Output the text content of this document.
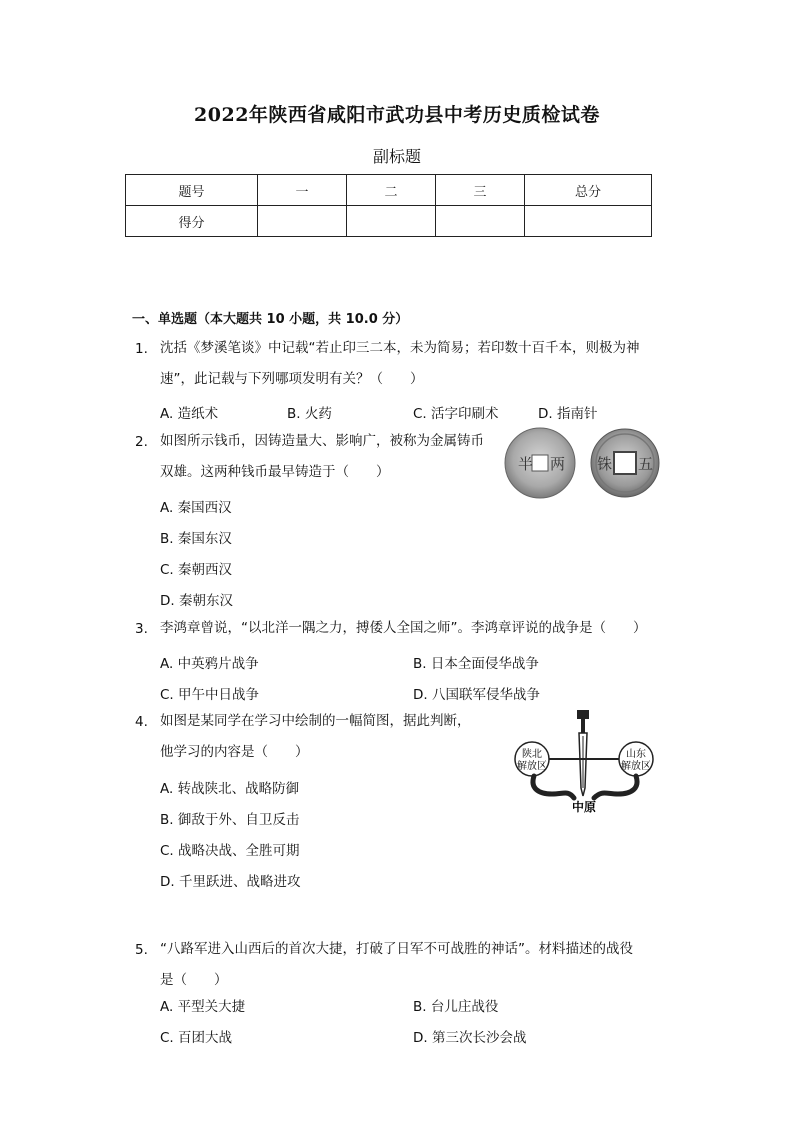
2022年陕西省咸阳市武功县中考历史质检试卷
副标题
题号	一	二	三	总分
得分				
一、单选题（本大题共 10 小题，共 10.0 分）
1. 沈括《梦溪笔谈》中记载“若止印三二本，未为简易；若印数十百千本，则极为神
速”，此记载与下列哪项发明有关？（　　）
A. 造纸术	B. 火药	C. 活字印刷术	D. 指南针
2. 如图所示钱币，因铸造量大、影响广，被称为金属铸币
双雄。这两种钱币最早铸造于（　　）
A. 秦国西汉
B. 秦国东汉
C. 秦朝西汉
D. 秦朝东汉
半 两 铢 五
3. 李鸿章曾说，“以北洋一隅之力，搏倭人全国之师”。李鸿章评说的战争是（　　）
A. 中英鸦片战争	B. 日本全面侵华战争
C. 甲午中日战争	D. 八国联军侵华战争
4. 如图是某同学在学习中绘制的一幅简图，据此判断，
他学习的内容是（　　）
A. 转战陕北、战略防御
B. 御敌于外、自卫反击
C. 战略决战、全胜可期
D. 千里跃进、战略进攻
陕北
解放区
山东
解放区
中原
5. “八路军进入山西后的首次大捷，打破了日军不可战胜的神话”。材料描述的战役
是（　　）
A. 平型关大捷	B. 台儿庄战役
C. 百团大战	D. 第三次长沙会战
